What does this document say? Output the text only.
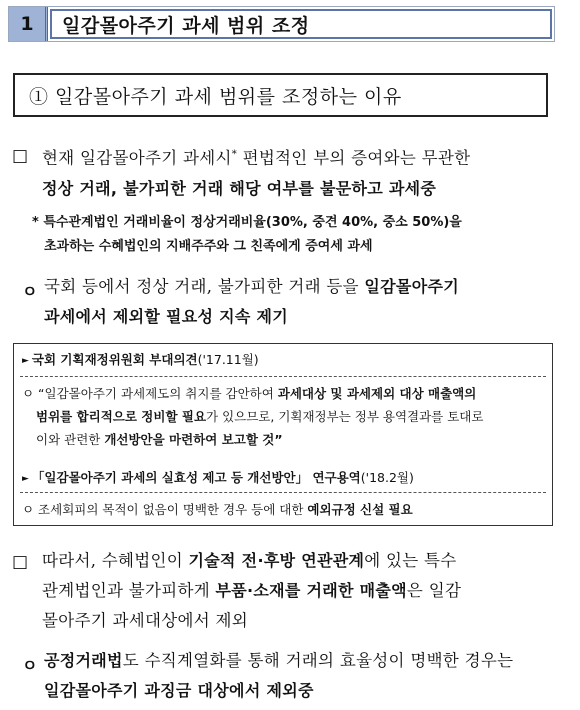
1	일감몰아주기 과세 범위 조정
① 일감몰아주기 과세 범위를 조정하는 이유
□ 현재 일감몰아주기 과세시* 편법적인 부의 증여와는 무관한
정상 거래, 불가피한 거래 해당 여부를 불문하고 과세중
* 특수관계법인 거래비율이 정상거래비율(30%, 중견 40%, 중소 50%)을
초과하는 수혜법인의 지배주주와 그 친족에게 증여세 과세
ㅇ 국회 등에서 정상 거래, 불가피한 거래 등을 일감몰아주기
과세에서 제외할 필요성 지속 제기
► 국회 기획재정위원회 부대의견('17.11월)
ㅇ “일감몰아주기 과세제도의 취지를 감안하여 과세대상 및 과세제외 대상 매출액의
범위를 합리적으로 정비할 필요가 있으므로, 기획재정부는 정부 용역결과를 토대로
이와 관련한 개선방안을 마련하여 보고할 것”
► 「일감몰아주기 과세의 실효성 제고 등 개선방안」 연구용역('18.2월)
ㅇ 조세회피의 목적이 없음이 명백한 경우 등에 대한 예외규정 신설 필요
□ 따라서, 수혜법인이 기술적 전·후방 연관관계에 있는 특수
관계법인과 불가피하게 부품·소재를 거래한 매출액은 일감
몰아주기 과세대상에서 제외
ㅇ 공정거래법도 수직계열화를 통해 거래의 효율성이 명백한 경우는
일감몰아주기 과징금 대상에서 제외중
